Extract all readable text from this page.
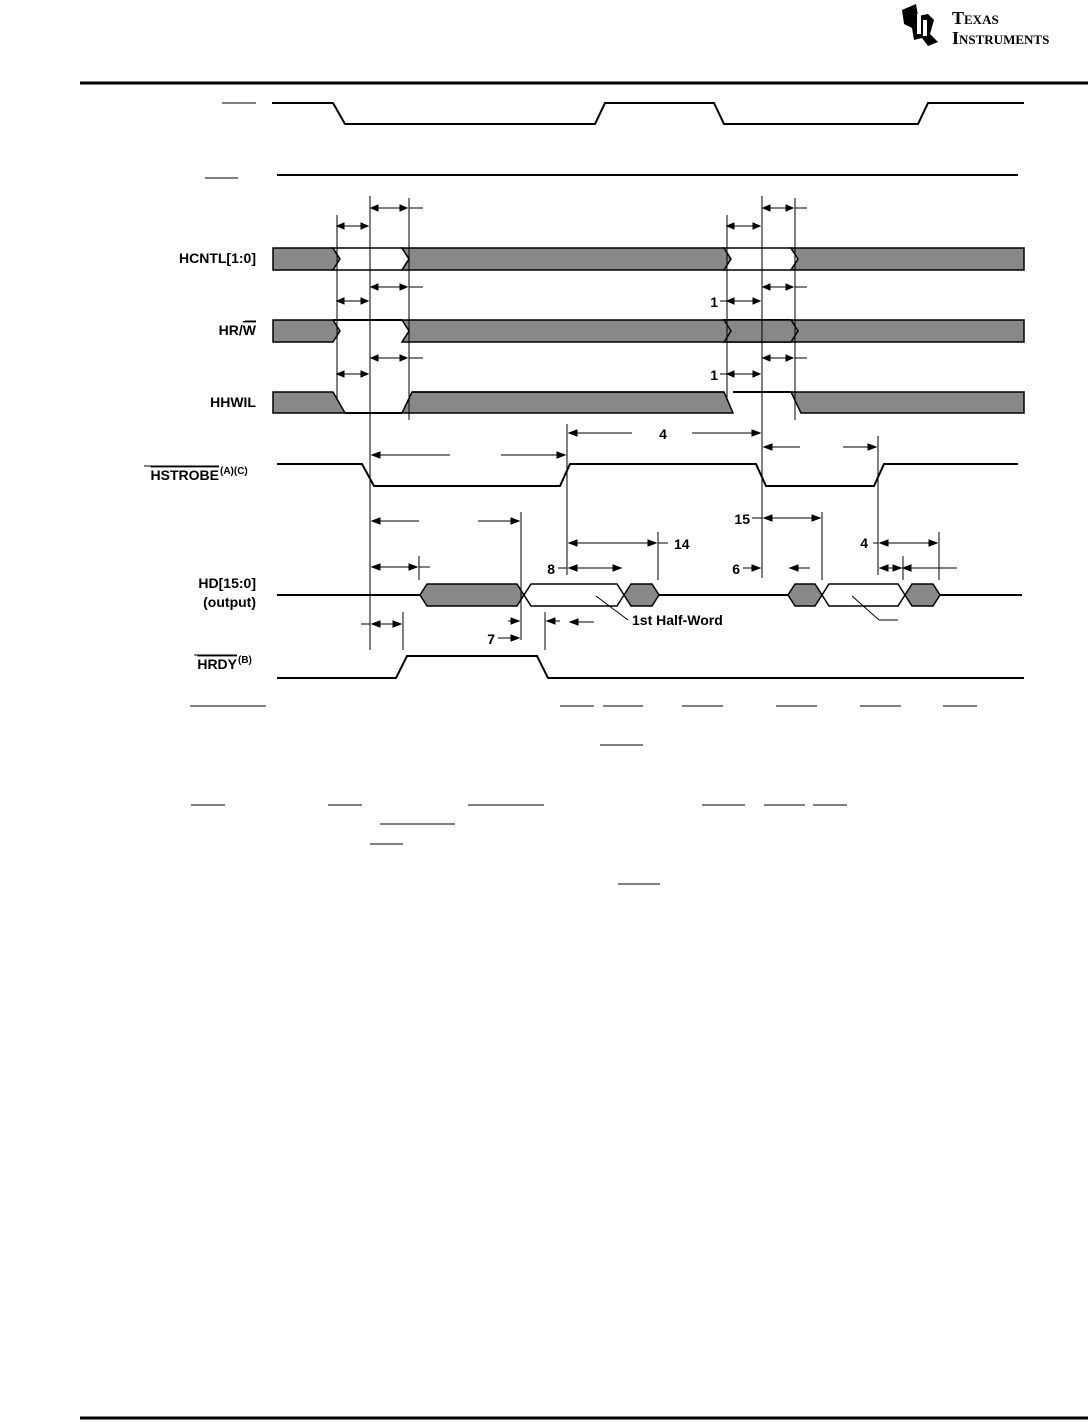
Texas
Instruments
HCNTL[1:0]
HR/W
HHWIL
HSTROBE (A)(C)
HD[15:0]
(output)
HRDY (B)
1
1
4
15
14	4
8	6
7
1st Half-Word
